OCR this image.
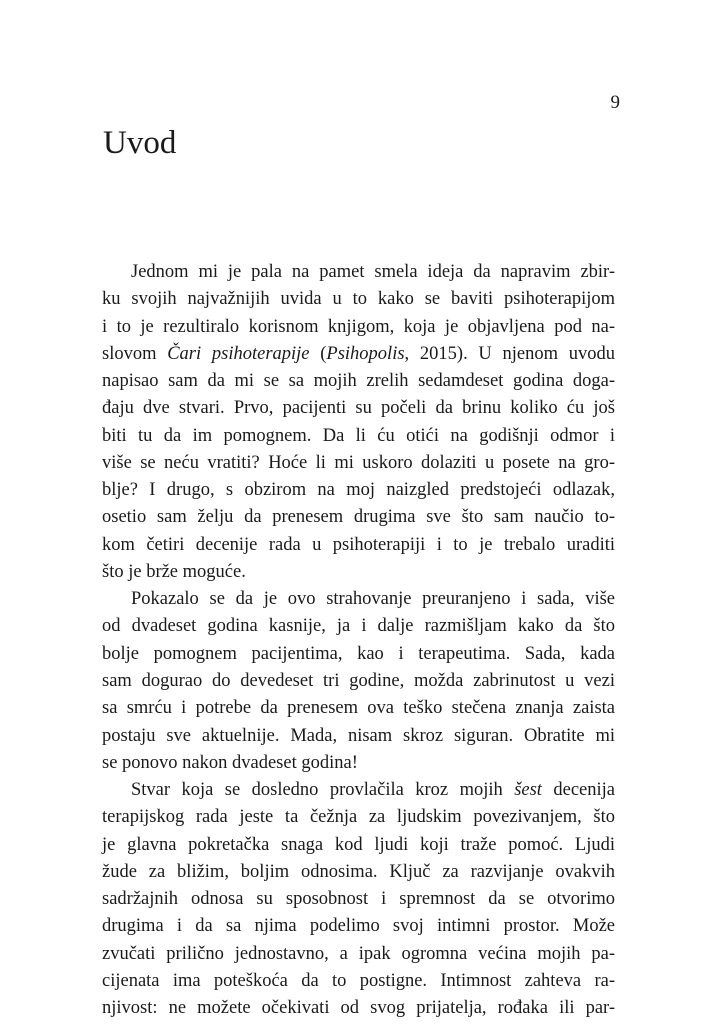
9
Uvod
Jednom mi je pala na pamet smela ideja da napravim zbir-
ku svojih najvažnijih uvida u to kako se baviti psihoterapijom
i to je rezultiralo korisnom knjigom, koja je objavljena pod na-
slovom Čari psihoterapije (Psihopolis, 2015). U njenom uvodu
napisao sam da mi se sa mojih zrelih sedamdeset godina doga-
đaju dve stvari. Prvo, pacijenti su počeli da brinu koliko ću još
biti tu da im pomognem. Da li ću otići na godišnji odmor i
više se neću vratiti? Hoće li mi uskoro dolaziti u posete na gro-
blje? I drugo, s obzirom na moj naizgled predstojeći odlazak,
osetio sam želju da prenesem drugima sve što sam naučio to-
kom četiri decenije rada u psihoterapiji i to je trebalo uraditi
što je brže moguće.
Pokazalo se da je ovo strahovanje preuranjeno i sada, više
od dvadeset godina kasnije, ja i dalje razmišljam kako da što
bolje pomognem pacijentima, kao i terapeutima. Sada, kada
sam dogurao do devedeset tri godine, možda zabrinutost u vezi
sa smrću i potrebe da prenesem ova teško stečena znanja zaista
postaju sve aktuelnije. Mada, nisam skroz siguran. Obratite mi
se ponovo nakon dvadeset godina!
Stvar koja se dosledno provlačila kroz mojih šest decenija
terapijskog rada jeste ta čežnja za ljudskim povezivanjem, što
je glavna pokretačka snaga kod ljudi koji traže pomoć. Ljudi
žude za bližim, boljim odnosima. Ključ za razvijanje ovakvih
sadržajnih odnosa su sposobnost i spremnost da se otvorimo
drugima i da sa njima podelimo svoj intimni prostor. Može
zvučati prilično jednostavno, a ipak ogromna većina mojih pa-
cijenata ima poteškoća da to postigne. Intimnost zahteva ra-
njivost: ne možete očekivati od svog prijatelja, rođaka ili par-
